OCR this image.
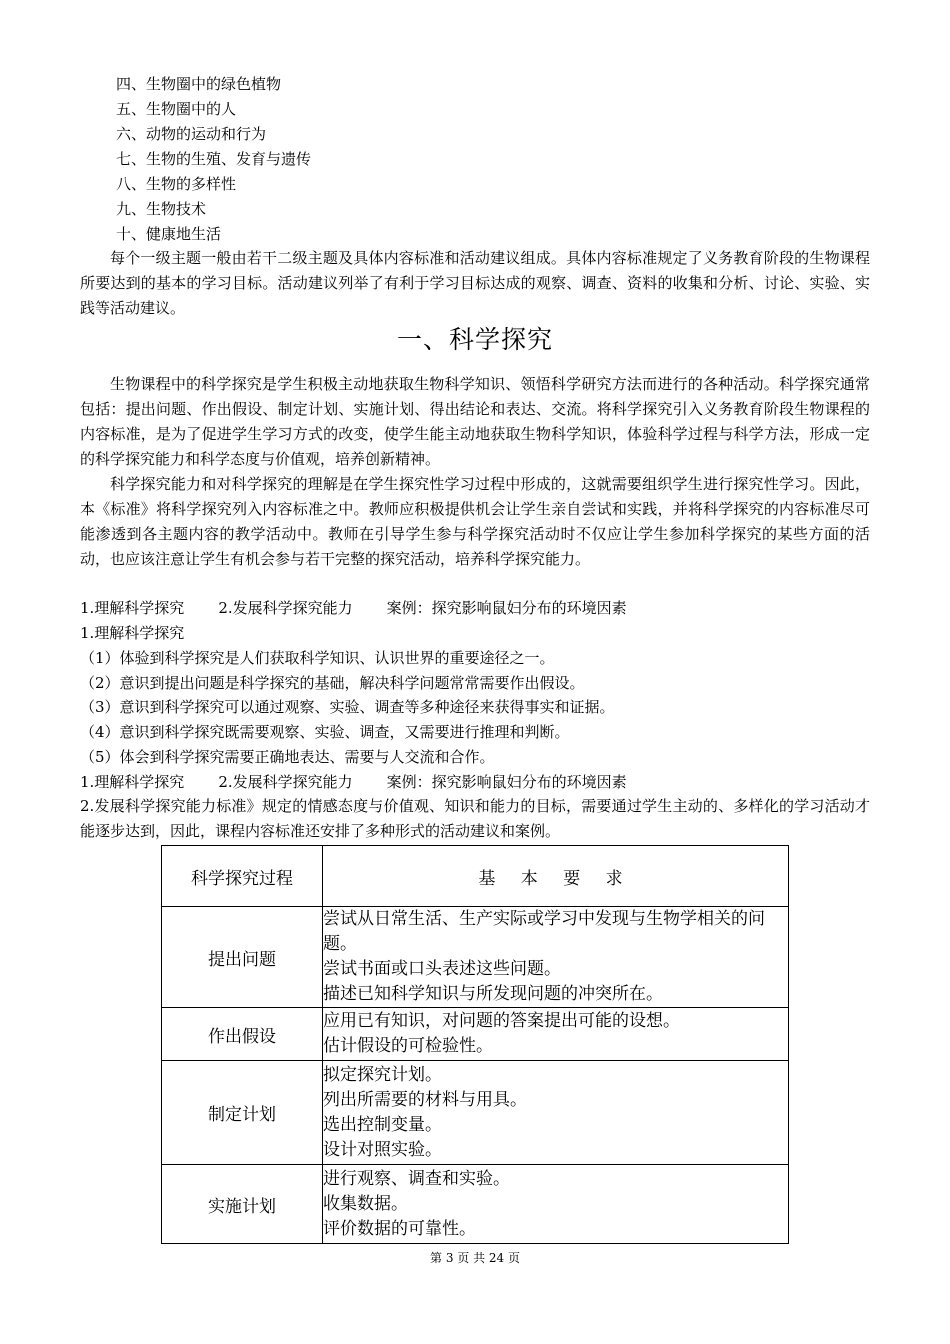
四、生物圈中的绿色植物
五、生物圈中的人
六、动物的运动和行为
七、生物的生殖、发育与遗传
八、生物的多样性
九、生物技术
十、健康地生活
每个一级主题一般由若干二级主题及具体内容标准和活动建议组成。具体内容标准规定了义务教育阶段的生物课程所要达到的基本的学习目标。活动建议列举了有利于学习目标达成的观察、调查、资料的收集和分析、讨论、实验、实践等活动建议。
一、科学探究
生物课程中的科学探究是学生积极主动地获取生物科学知识、领悟科学研究方法而进行的各种活动。科学探究通常包括：提出问题、作出假设、制定计划、实施计划、得出结论和表达、交流。将科学探究引入义务教育阶段生物课程的内容标准，是为了促进学生学习方式的改变，使学生能主动地获取生物科学知识，体验科学过程与科学方法，形成一定的科学探究能力和科学态度与价值观，培养创新精神。
科学探究能力和对科学探究的理解是在学生探究性学习过程中形成的，这就需要组织学生进行探究性学习。因此，本《标准》将科学探究列入内容标准之中。教师应积极提供机会让学生亲自尝试和实践，并将科学探究的内容标准尽可能渗透到各主题内容的教学活动中。教师在引导学生参与科学探究活动时不仅应让学生参加科学探究的某些方面的活动，也应该注意让学生有机会参与若干完整的探究活动，培养科学探究能力。
1.理解科学探究 2.发展科学探究能力 案例：探究影响鼠妇分布的环境因素
1.理解科学探究
（1）体验到科学探究是人们获取科学知识、认识世界的重要途径之一。
（2）意识到提出问题是科学探究的基础，解决科学问题常常需要作出假设。
（3）意识到科学探究可以通过观察、实验、调查等多种途径来获得事实和证据。
（4）意识到科学探究既需要观察、实验、调查，又需要进行推理和判断。
（5）体会到科学探究需要正确地表达、需要与人交流和合作。
1.理解科学探究 2.发展科学探究能力 案例：探究影响鼠妇分布的环境因素
2.发展科学探究能力标准》规定的情感态度与价值观、知识和能力的目标，需要通过学生主动的、多样化的学习活动才能逐步达到，因此，课程内容标准还安排了多种形式的活动建议和案例。
科学探究过程	基 本 要 求
提出问题	尝试从日常生活、生产实际或学习中发现与生物学相关的问题。
尝试书面或口头表述这些问题。
描述已知科学知识与所发现问题的冲突所在。

作出假设	应用已有知识，对问题的答案提出可能的设想。
估计假设的可检验性。

制定计划	拟定探究计划。
列出所需要的材料与用具。
选出控制变量。
设计对照实验。

实施计划	进行观察、调查和实验。
收集数据。
评价数据的可靠性。
第 3 页 共 24 页
